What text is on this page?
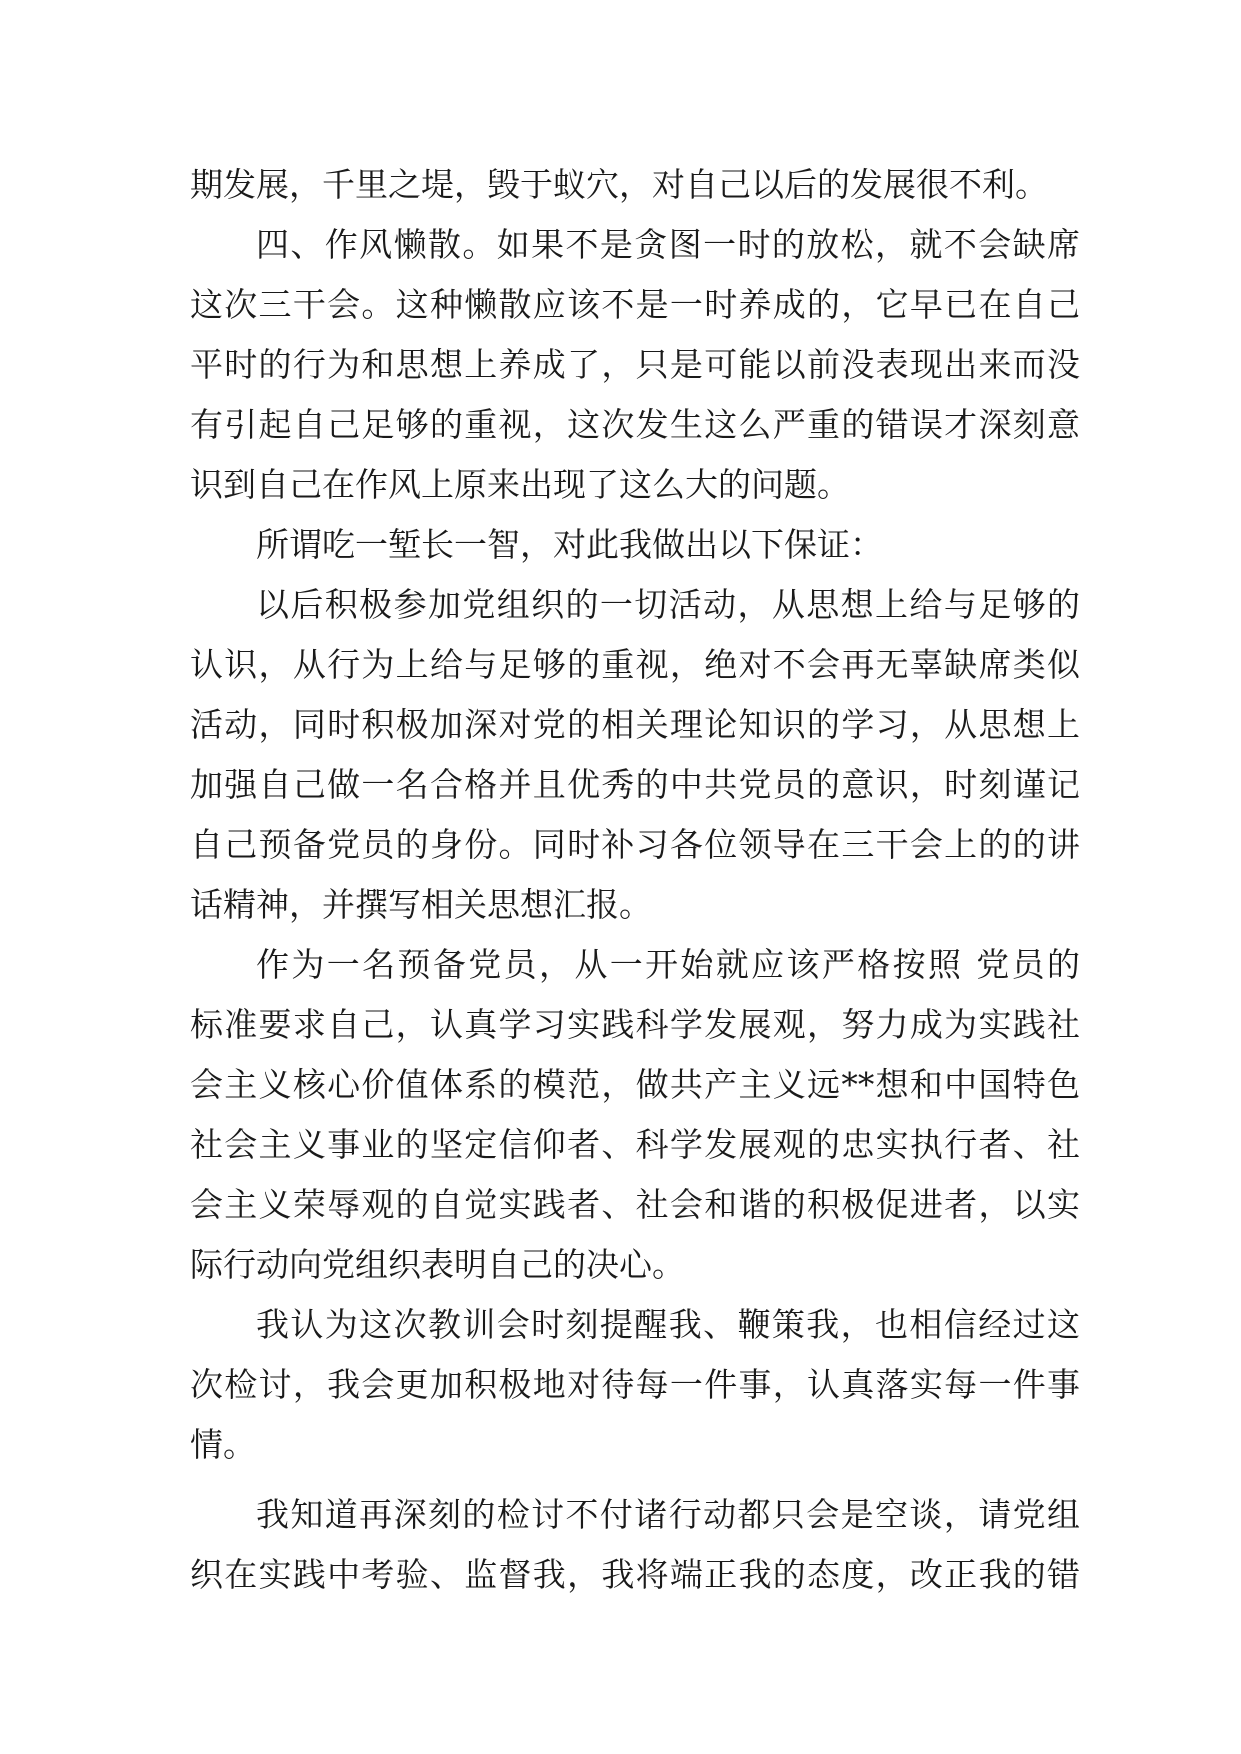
期发展，千里之堤，毁于蚁穴，对自己以后的发展很不利。
四、作风懒散。如果不是贪图一时的放松，就不会缺席
这次三干会。这种懒散应该不是一时养成的，它早已在自己
平时的行为和思想上养成了，只是可能以前没表现出来而没
有引起自己足够的重视，这次发生这么严重的错误才深刻意
识到自己在作风上原来出现了这么大的问题。
所谓吃一堑长一智，对此我做出以下保证：
以后积极参加党组织的一切活动，从思想上给与足够的
认识，从行为上给与足够的重视，绝对不会再无辜缺席类似
活动，同时积极加深对党的相关理论知识的学习，从思想上
加强自己做一名合格并且优秀的中共党员的意识，时刻谨记
自己预备党员的身份。同时补习各位领导在三干会上的的讲
话精神，并撰写相关思想汇报。
作为一名预备党员，从一开始就应该严格按照 党员的
标准要求自己，认真学习实践科学发展观，努力成为实践社
会主义核心价值体系的模范，做共产主义远**想和中国特色
社会主义事业的坚定信仰者、科学发展观的忠实执行者、社
会主义荣辱观的自觉实践者、社会和谐的积极促进者，以实
际行动向党组织表明自己的决心。
我认为这次教训会时刻提醒我、鞭策我，也相信经过这
次检讨，我会更加积极地对待每一件事，认真落实每一件事
情。
我知道再深刻的检讨不付诸行动都只会是空谈，请党组
织在实践中考验、监督我，我将端正我的态度，改正我的错
